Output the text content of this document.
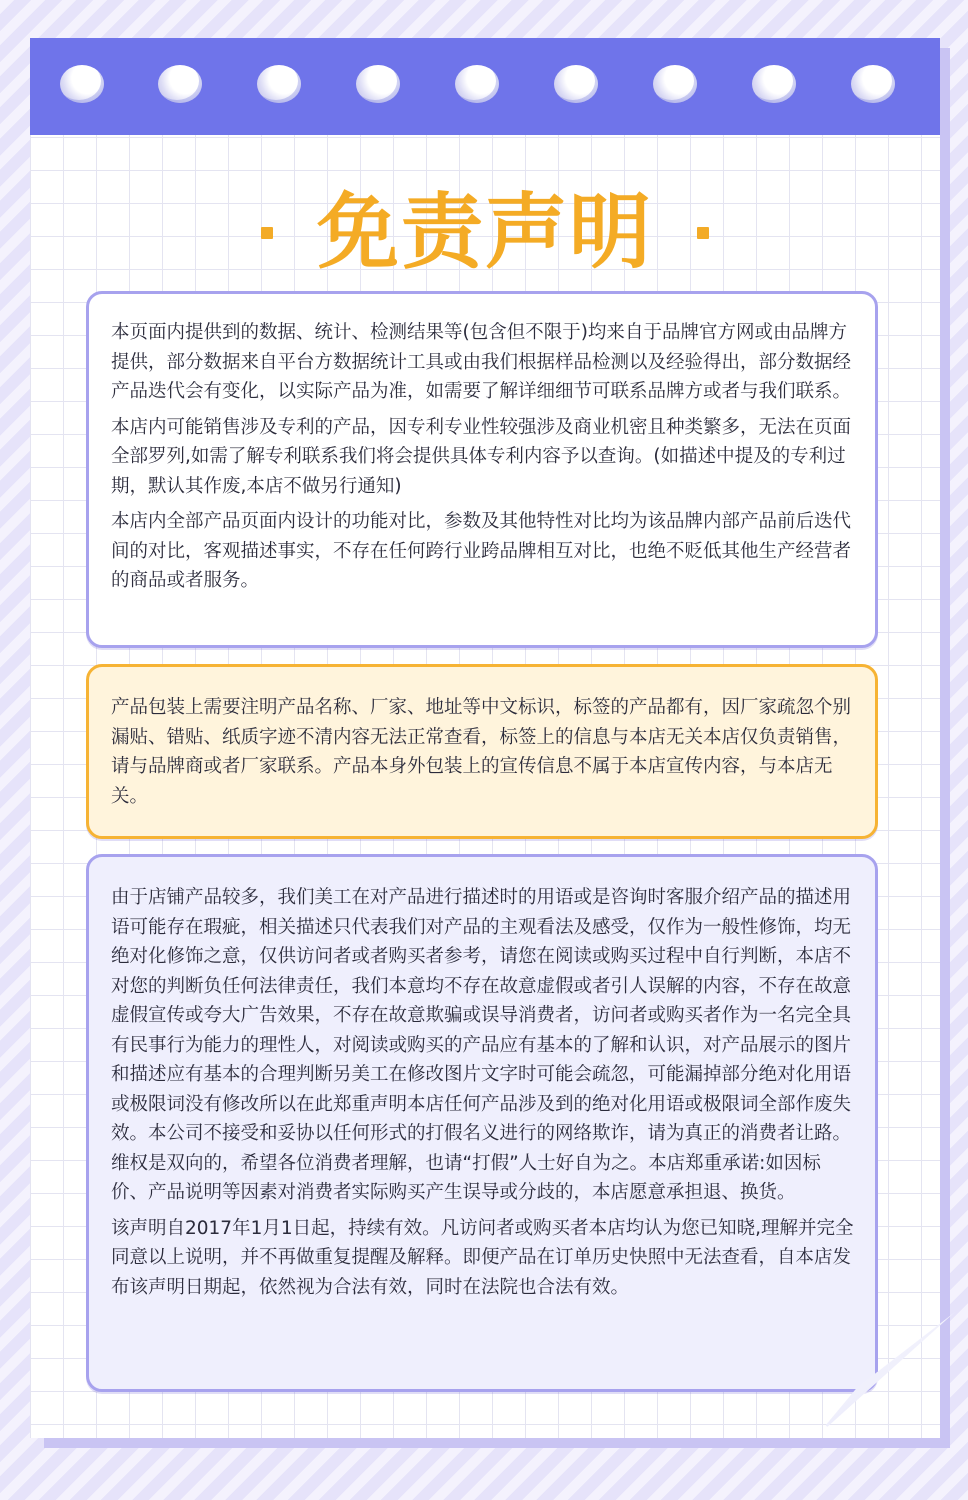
免责声明

本页面内提供到的数据、统计、检测结果等(包含但不限于)均来自于品牌官方网或由品牌方提供，部分数据来自平台方数据统计工具或由我们根据样品检测以及经验得出，部分数据经产品迭代会有变化，以实际产品为准，如需要了解详细细节可联系品牌方或者与我们联系。

本店内可能销售涉及专利的产品，因专利专业性较强涉及商业机密且种类繁多，无法在页面全部罗列,如需了解专利联系我们将会提供具体专利内容予以查询。(如描述中提及的专利过期，默认其作废,本店不做另行通知)

本店内全部产品页面内设计的功能对比，参数及其他特性对比均为该品牌内部产品前后迭代间的对比，客观描述事实，不存在任何跨行业跨品牌相互对比，也绝不贬低其他生产经营者的商品或者服务。

产品包装上需要注明产品名称、厂家、地址等中文标识，标签的产品都有，因厂家疏忽个别漏贴、错贴、纸质字迹不清内容无法正常查看，标签上的信息与本店无关本店仅负责销售，请与品牌商或者厂家联系。产品本身外包装上的宣传信息不属于本店宣传内容，与本店无关。

由于店铺产品较多，我们美工在对产品进行描述时的用语或是咨询时客服介绍产品的描述用语可能存在瑕疵，相关描述只代表我们对产品的主观看法及感受，仅作为一般性修饰，均无绝对化修饰之意，仅供访问者或者购买者参考，请您在阅读或购买过程中自行判断，本店不对您的判断负任何法律责任，我们本意均不存在故意虚假或者引人误解的内容，不存在故意虚假宣传或夸大广告效果，不存在故意欺骗或误导消费者，访问者或购买者作为一名完全具有民事行为能力的理性人，对阅读或购买的产品应有基本的了解和认识，对产品展示的图片和描述应有基本的合理判断另美工在修改图片文字时可能会疏忽，可能漏掉部分绝对化用语或极限词没有修改所以在此郑重声明本店任何产品涉及到的绝对化用语或极限词全部作废失效。本公司不接受和妥协以任何形式的打假名义进行的网络欺诈，请为真正的消费者让路。维权是双向的，希望各位消费者理解，也请“打假”人士好自为之。本店郑重承诺:如因标价、产品说明等因素对消费者实际购买产生误导或分歧的，本店愿意承担退、换货。

该声明自2017年1月1日起，持续有效。凡访问者或购买者本店均认为您已知晓,理解并完全同意以上说明，并不再做重复提醒及解释。即便产品在订单历史快照中无法查看，自本店发布该声明日期起，依然视为合法有效，同时在法院也合法有效。
